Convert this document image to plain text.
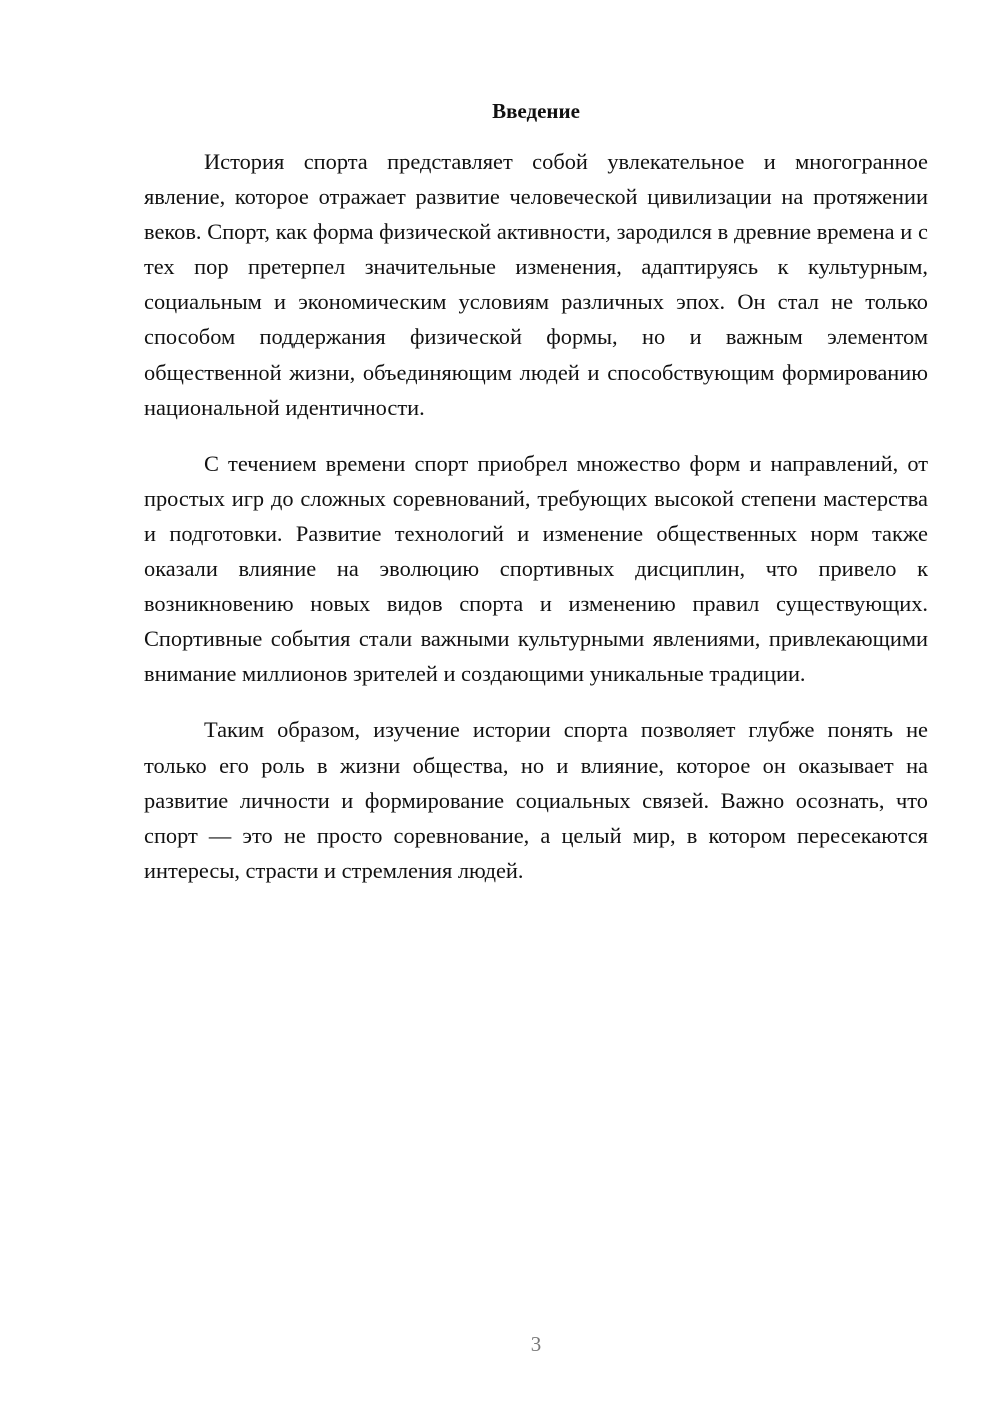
Введение

История спорта представляет собой увлекательное и многогранное явление, которое отражает развитие человеческой цивилизации на протяжении веков. Спорт, как форма физической активности, зародился в древние времена и с тех пор претерпел значительные изменения, адаптируясь к культурным, социальным и экономическим условиям различных эпох. Он стал не только способом поддержания физической формы, но и важным элементом общественной жизни, объединяющим людей и способствующим формированию национальной идентичности.

С течением времени спорт приобрел множество форм и направлений, от простых игр до сложных соревнований, требующих высокой степени мастерства и подготовки. Развитие технологий и изменение общественных норм также оказали влияние на эволюцию спортивных дисциплин, что привело к возникновению новых видов спорта и изменению правил существующих. Спортивные события стали важными культурными явлениями, привлекающими внимание миллионов зрителей и создающими уникальные традиции.

Таким образом, изучение истории спорта позволяет глубже понять не только его роль в жизни общества, но и влияние, которое он оказывает на развитие личности и формирование социальных связей. Важно осознать, что спорт — это не просто соревнование, а целый мир, в котором пересекаются интересы, страсти и стремления людей.

3
